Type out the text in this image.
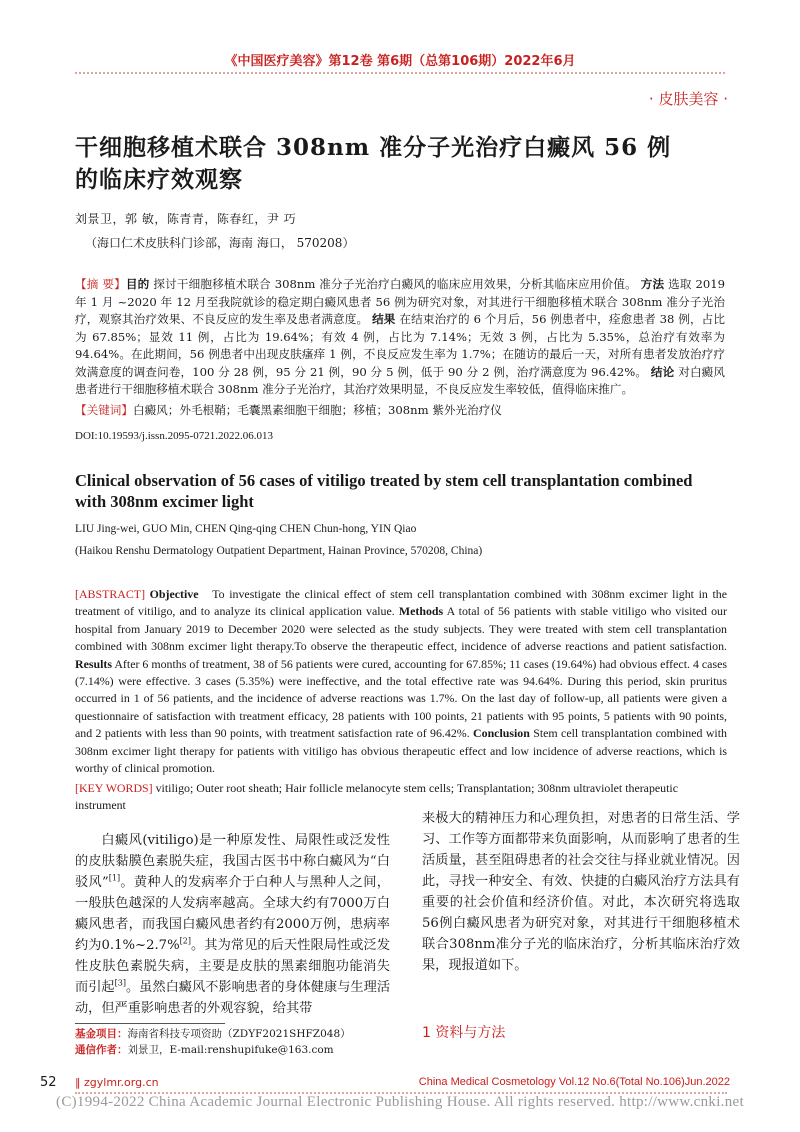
《中国医疗美容》第12卷 第6期（总第106期）2022年6月
· 皮肤美容 ·
干细胞移植术联合 308nm 准分子光治疗白癜风 56 例的临床疗效观察
刘景卫，郭 敏，陈青青，陈春红，尹 巧
（海口仁术皮肤科门诊部，海南 海口， 570208）
【摘 要】目的 探讨干细胞移植术联合 308nm 准分子光治疗白癜风的临床应用效果，分析其临床应用价值。 方法 选取 2019 年 1 月 ~2020 年 12 月至我院就诊的稳定期白癜风患者 56 例为研究对象，对其进行干细胞移植术联合 308nm 准分子光治疗，观察其治疗效果、不良反应的发生率及患者满意度。 结果 在结束治疗的 6 个月后，56 例患者中，痊愈患者 38 例，占比为 67.85%；显效 11 例，占比为 19.64%；有效 4 例，占比为 7.14%；无效 3 例，占比为 5.35%，总治疗有效率为 94.64%。在此期间，56 例患者中出现皮肤瘙痒 1 例，不良反应发生率为 1.7%；在随访的最后一天，对所有患者发放治疗疗效满意度的调查问卷，100 分 28 例，95 分 21 例，90 分 5 例，低于 90 分 2 例，治疗满意度为 96.42%。 结论 对白癜风患者进行干细胞移植术联合 308nm 准分子光治疗，其治疗效果明显，不良反应发生率较低，值得临床推广。
【关键词】白癜风；外毛根鞘；毛囊黑素细胞干细胞；移植；308nm 紫外光治疗仪
DOI:10.19593/j.issn.2095-0721.2022.06.013
Clinical observation of 56 cases of vitiligo treated by stem cell transplantation combined with 308nm excimer light
LIU Jing-wei, GUO Min, CHEN Qing-qing CHEN Chun-hong, YIN Qiao
(Haikou Renshu Dermatology Outpatient Department, Hainan Province, 570208, China)
[ABSTRACT] Objective To investigate the clinical effect of stem cell transplantation combined with 308nm excimer light in the treatment of vitiligo, and to analyze its clinical application value. Methods A total of 56 patients with stable vitiligo who visited our hospital from January 2019 to December 2020 were selected as the study subjects. They were treated with stem cell transplantation combined with 308nm excimer light therapy.To observe the therapeutic effect, incidence of adverse reactions and patient satisfaction. Results After 6 months of treatment, 38 of 56 patients were cured, accounting for 67.85%; 11 cases (19.64%) had obvious effect. 4 cases (7.14%) were effective. 3 cases (5.35%) were ineffective, and the total effective rate was 94.64%. During this period, skin pruritus occurred in 1 of 56 patients, and the incidence of adverse reactions was 1.7%. On the last day of follow-up, all patients were given a questionnaire of satisfaction with treatment efficacy, 28 patients with 100 points, 21 patients with 95 points, 5 patients with 90 points, and 2 patients with less than 90 points, with treatment satisfaction rate of 96.42%. Conclusion Stem cell transplantation combined with 308nm excimer light therapy for patients with vitiligo has obvious therapeutic effect and low incidence of adverse reactions, which is worthy of clinical promotion.
[KEY WORDS] vitiligo; Outer root sheath; Hair follicle melanocyte stem cells; Transplantation; 308nm ultraviolet therapeutic instrument

白癜风(vitiligo)是一种原发性、局限性或泛发性的皮肤黏膜色素脱失症，我国古医书中称白癜风为“白驳风”[1]。黄种人的发病率介于白种人与黑种人之间，一般肤色越深的人发病率越高。全球大约有7000万白癜风患者，而我国白癜风患者约有2000万例，患病率约为0.1%~2.7%[2]。其为常见的后天性限局性或泛发性皮肤色素脱失病，主要是皮肤的黑素细胞功能消失而引起[3]。虽然白癜风不影响患者的身体健康与生理活动，但严重影响患者的外观容貌，给其带

来极大的精神压力和心理负担，对患者的日常生活、学习、工作等方面都带来负面影响，从而影响了患者的生活质量，甚至阻碍患者的社会交往与择业就业情况。因此，寻找一种安全、有效、快捷的白癜风治疗方法具有重要的社会价值和经济价值。对此，本次研究将选取56例白癜风患者为研究对象，对其进行干细胞移植术联合308nm准分子光的临床治疗，分析其临床治疗效果，现报道如下。

1 资料与方法
基金项目：海南省科技专项资助（ZDYF2021SHFZ048）
通信作者：刘景卫，E-mail:renshupifuke@163.com
52 ‖ zgylmr.org.cn	China Medical Cosmetology Vol.12 No.6(Total No.106)Jun.2022
(C)1994-2022 China Academic Journal Electronic Publishing House. All rights reserved. http://www.cnki.net
